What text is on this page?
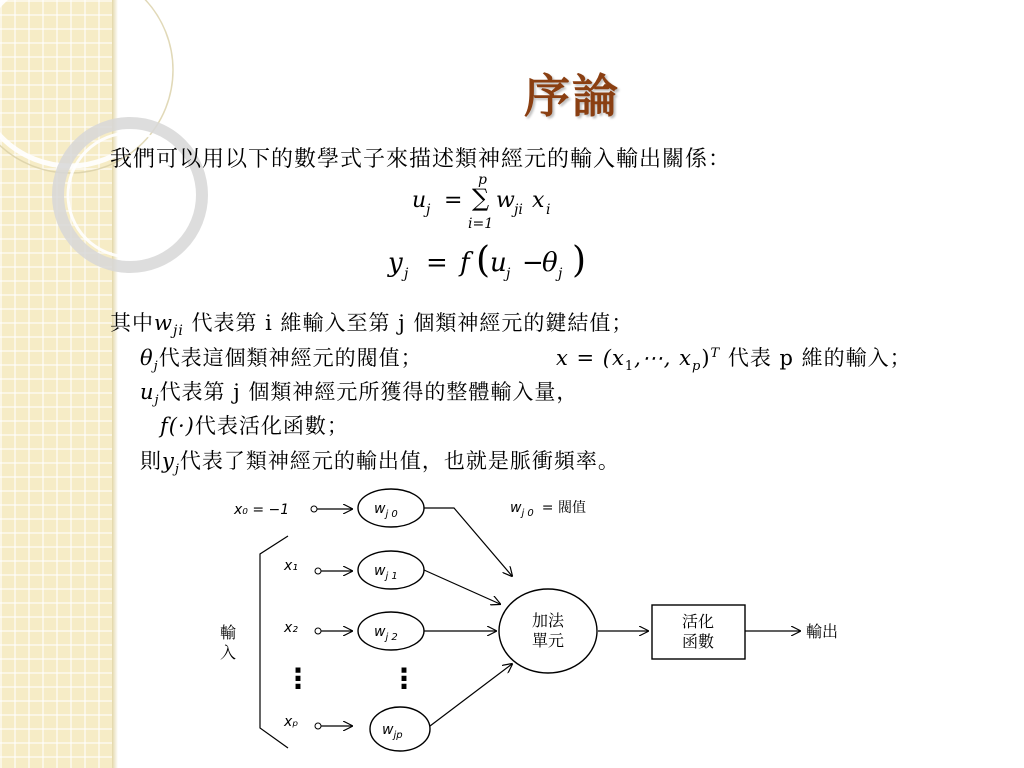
序論
我們可以用以下的數學式子來描述類神經元的輸入輸出關係：
u j =
p
∑
i=1
w ji x i
y j = f ( u j −
θ j )
其中$w_{ji}$ 代表第 i 維輸入至第 j 個類神經元的鍵結值；
$\theta_j$代表這個類神經元的閥值；	$x = (x_1,\cdots$, $x_p)^T$ 代表 p 維的輸入；
$u_j$代表第 j 個類神經元所獲得的整體輸入量，
f(·)代表活化函數；
則$y_j$代表了類神經元的輸出值，也就是脈衝頻率。
x₀ = −1	$w_{j 0}$	$w_{j 0}$ = 閥值
輸
入
x₁	$w_{j 1}$
x₂	$w_{j 2}$
⋮	⋮
xₚ	$w_{jp}$
加法
單元
活化
函數
輸出
